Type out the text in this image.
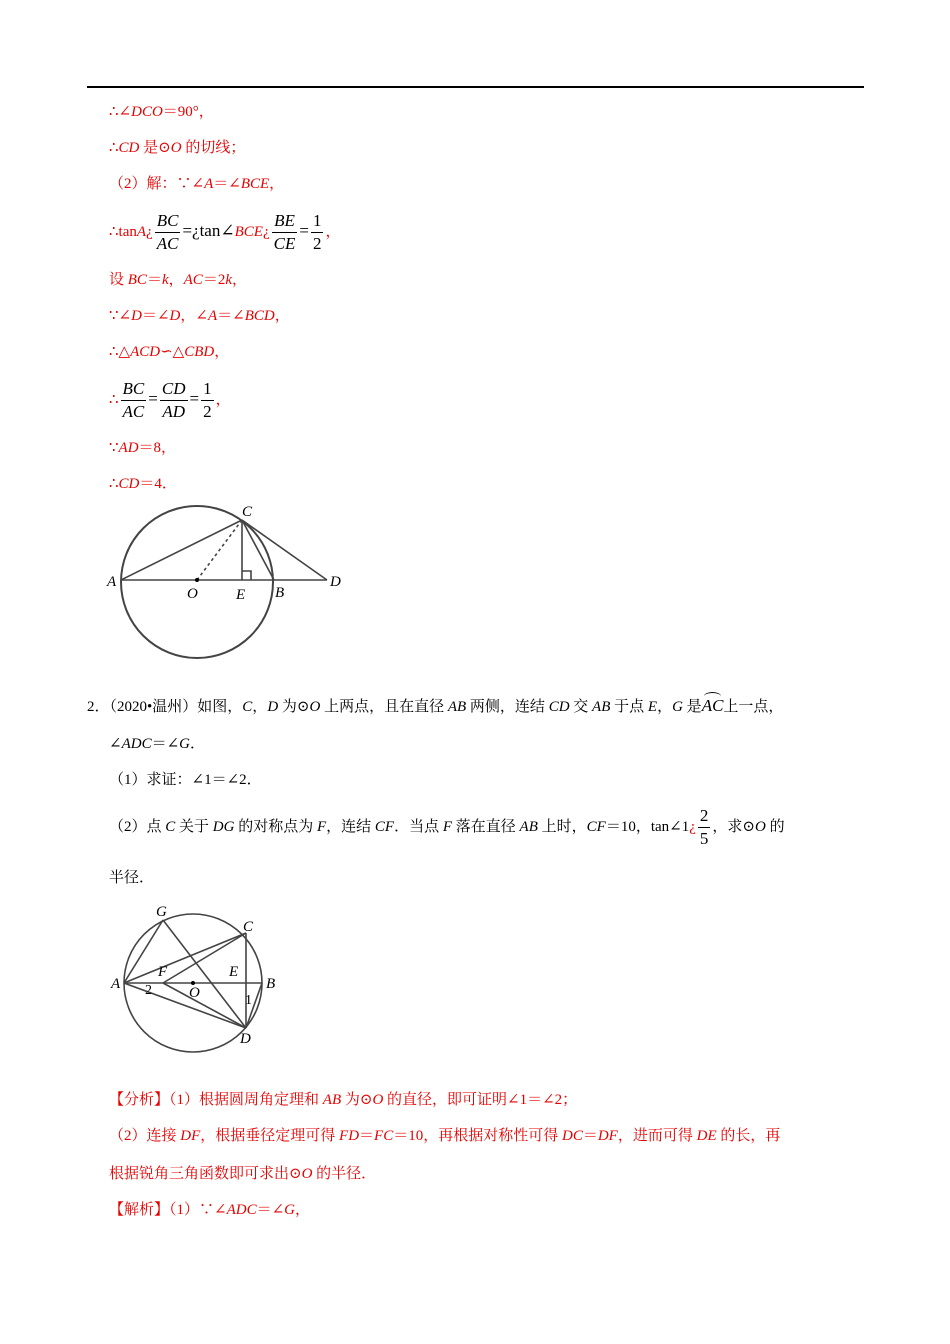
∴∠DCO＝90°，
∴CD 是⊙O 的切线；
（2）解：∵∠A＝∠BCE，
∴tanA¿ $\frac{BC}{AC}$ =¿tan∠BCE¿ $\frac{BE}{CE} = \frac{1}{2}$ ，
设 BC＝k，AC＝2k，
∵∠D＝∠D，∠A＝∠BCD，
∴△ACD∽△CBD，
∴ $\frac{BC}{AC} = \frac{CD}{AD} = \frac{1}{2}$ ，
∵AD＝8，
∴CD＝4．
A
O	E B
C
D
2．（2020•温州）如图，C，D 为⊙O 上两点，且在直径 AB 两侧，连结 CD 交 AB 于点 E，G 是AC上一点，
∠ADC＝∠G．
（1）求证：∠1＝∠2．
（2）点 C 关于 DG 的对称点为 F，连结 CF．当点 F 落在直径 AB 上时，CF＝10，tan∠1¿ $\frac{2}{5}$ ，求⊙O 的
半径．
G
C
A
F	E
B
O
D
1
2
【分析】（1）根据圆周角定理和 AB 为⊙O 的直径，即可证明∠1＝∠2；
（2）连接 DF，根据垂径定理可得 FD＝FC＝10，再根据对称性可得 DC＝DF，进而可得 DE 的长，再
根据锐角三角函数即可求出⊙O 的半径．
【解析】（1）∵∠ADC＝∠G，
